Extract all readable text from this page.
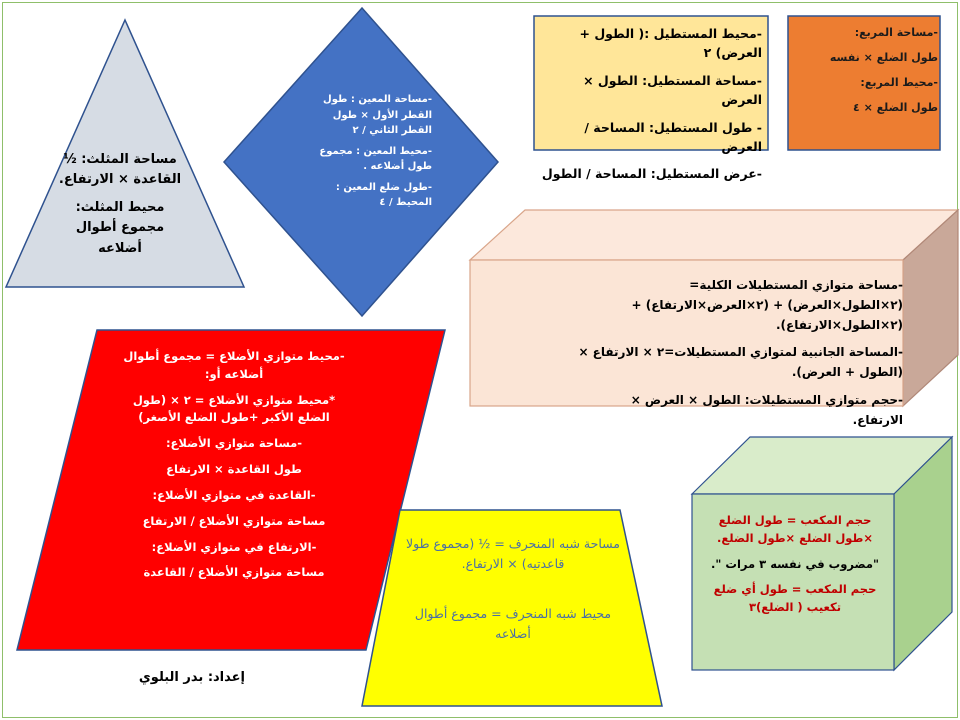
مساحة المثلث: ½ القاعدة × الارتفاع.

محيط المثلث: مجموع أطوال أضلاعه

-مساحة المعين : طول القطر الأول × طول القطر الثاني / ٢

-محيط المعين : مجموع طول أضلاعه .

-طول ضلع المعين : المحيط / ٤

-محيط المستطيل :( الطول + العرض) ٢

-مساحة المستطيل: الطول × العرض

- طول المستطيل: المساحة / العرض

-عرض المستطيل: المساحة / الطول

-مساحة المربع:

طول الضلع × نفسه

-محيط المربع:

طول الضلع × ٤

-مساحة متوازي المستطيلات الكلية= (٢×الطول×العرض) + (٢×العرض×الارتفاع) + (٢×الطول×الارتفاع).

-المساحة الجانبية لمتوازي المستطيلات=٢ × الارتفاع × (الطول + العرض).

-حجم متوازي المستطيلات: الطول × العرض × الارتفاع.

-محيط متوازي الأضلاع = مجموع أطوال أضلاعه أو:

*محيط متوازي الأضلاع = ٢ × (طول الضلع الأكبر +طول الضلع الأصغر)

-مساحة متوازي الأضلاع:

طول القاعدة × الارتفاع

-القاعدة في متوازي الأضلاع:

مساحة متوازي الأضلاع / الارتفاع

-الارتفاع في متوازي الأضلاع:

مساحة متوازي الأضلاع / القاعدة

مساحة شبه المنحرف = ½ (مجموع طولا قاعدتيه) × الارتفاع.

محيط شبه المنحرف = مجموع أطوال أضلاعه

حجم المكعب = طول الضلع ×طول الضلع ×طول الضلع.

"مضروب في نفسه ٣ مرات ".

حجم المكعب = طول أي ضلع تكعيب ( الضلع)٣

إعداد: بدر البلوي
